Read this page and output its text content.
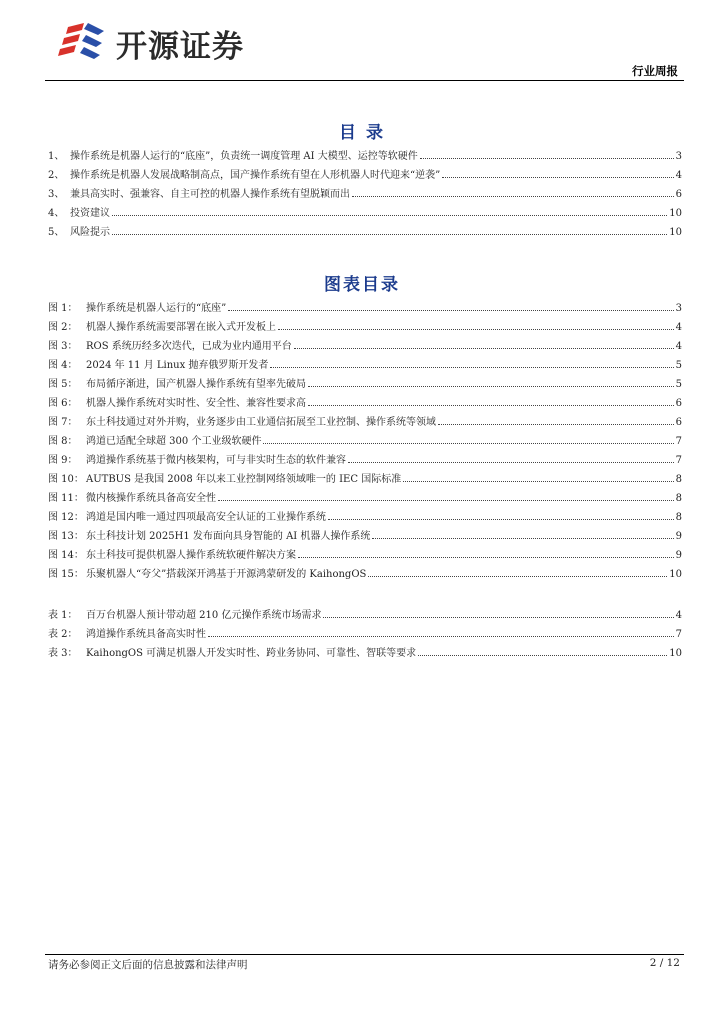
开源证券
行业周报
目 录
1、 操作系统是机器人运行的“底座”，负责统一调度管理 AI 大模型、运控等软硬件	3
2、 操作系统是机器人发展战略制高点，国产操作系统有望在人形机器人时代迎来“逆袭”	4
3、 兼具高实时、强兼容、自主可控的机器人操作系统有望脱颖而出	6
4、 投资建议	10
5、 风险提示	10
图表目录
图 1： 操作系统是机器人运行的“底座”	3
图 2： 机器人操作系统需要部署在嵌入式开发板上	4
图 3： ROS 系统历经多次迭代，已成为业内通用平台	4
图 4： 2024 年 11 月 Linux 抛弃俄罗斯开发者	5
图 5： 布局循序渐进，国产机器人操作系统有望率先破局	5
图 6： 机器人操作系统对实时性、安全性、兼容性要求高	6
图 7： 东土科技通过对外并购，业务逐步由工业通信拓展至工业控制、操作系统等领域	6
图 8： 鸿道已适配全球超 300 个工业级软硬件	7
图 9： 鸿道操作系统基于微内核架构，可与非实时生态的软件兼容	7
图 10： AUTBUS 是我国 2008 年以来工业控制网络领域唯一的 IEC 国际标准	8
图 11： 微内核操作系统具备高安全性	8
图 12： 鸿道是国内唯一通过四项最高安全认证的工业操作系统	8
图 13： 东土科技计划 2025H1 发布面向具身智能的 AI 机器人操作系统	9
图 14： 东土科技可提供机器人操作系统软硬件解决方案	9
图 15： 乐聚机器人“夸父”搭载深开鸿基于开源鸿蒙研发的 KaihongOS	10
表 1： 百万台机器人预计带动超 210 亿元操作系统市场需求	4
表 2： 鸿道操作系统具备高实时性	7
表 3： KaihongOS 可满足机器人开发实时性、跨业务协同、可靠性、智联等要求	10
请务必参阅正文后面的信息披露和法律声明	2 / 12
